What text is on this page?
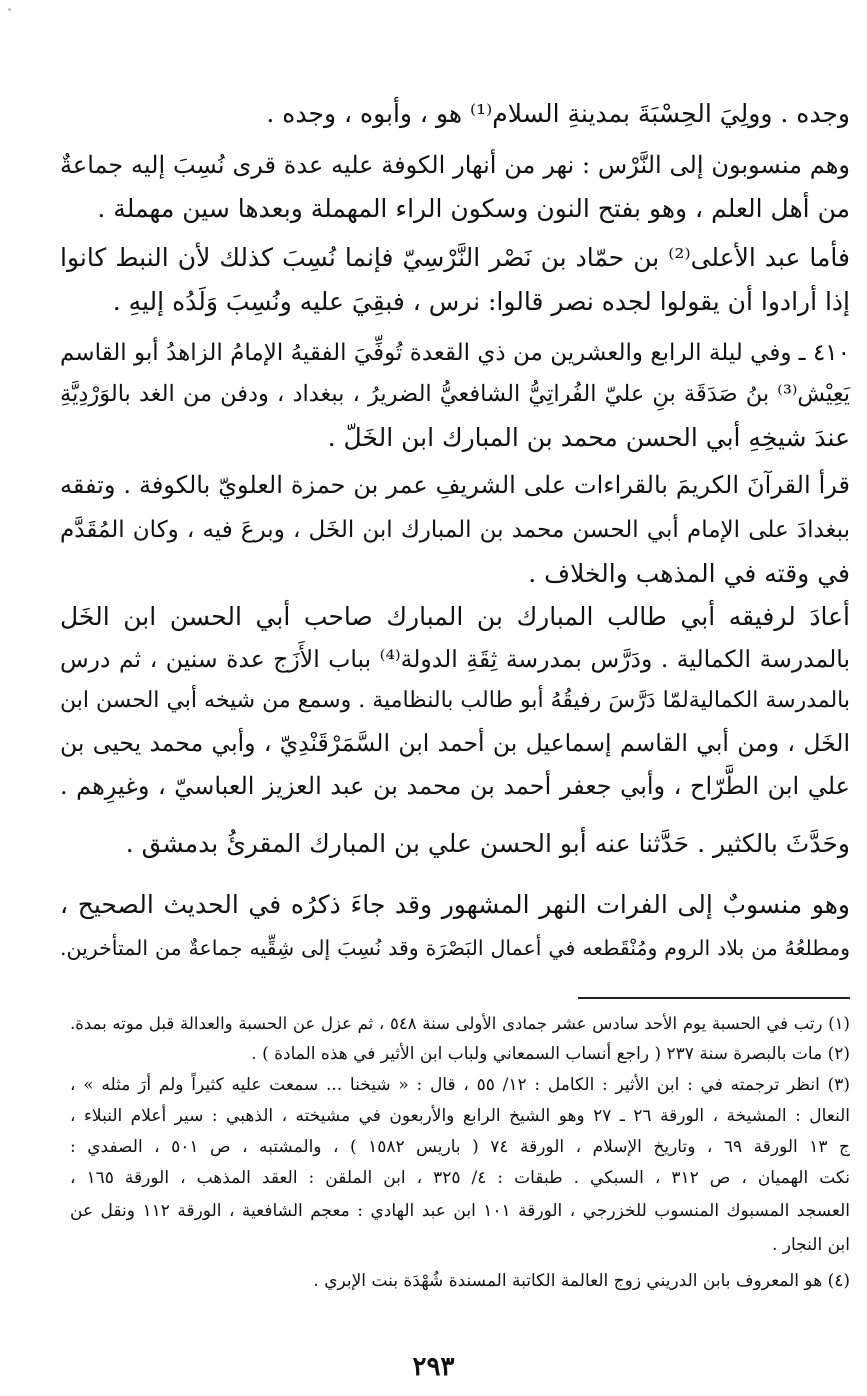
وجده . وولِيَ الحِسْبَةَ بمدينةِ السلام⁽¹⁾ هو ، وأبوه ، وجده .
وهم منسوبون إلى النَّرْس : نهر من أنهار الكوفة عليه عدة قرى نُسِبَ إليه جماعةٌ
من أهل العلم ، وهو بفتح النون وسكون الراء المهملة وبعدها سين مهملة .
فأما عبد الأعلى⁽²⁾ بن حمّاد بن نَصْر النَّرْسِيّ فإنما نُسِبَ كذلك لأن النبط كانوا
إذا أرادوا أن يقولوا لجده نصر قالوا: نرس ، فبقِيَ عليه ونُسِبَ وَلَدُه إليهِ .
٤١٠ ـ وفي ليلة الرابع والعشرين من ذي القعدة تُوفِّيَ الفقيهُ الإمامُ الزاهدُ أبو القاسم
يَعِيْش⁽³⁾ بنُ صَدَقَة بنِ عليّ الفُراتِيُّ الشافعيُّ الضريرُ ، ببغداد ، ودفن من الغد بالوَرْدِيَّةِ
عندَ شيخِهِ أبي الحسن محمد بن المبارك ابن الخَلّ .
قرأ القرآنَ الكريمَ بالقراءات على الشريفِ عمر بن حمزة العلويّ بالكوفة . وتفقه
ببغدادَ على الإمام أبي الحسن محمد بن المبارك ابن الخَل ، وبرعَ فيه ، وكان المُقَدَّم
في وقته في المذهب والخلاف .
أعادَ لرفيقه أبي طالب المبارك بن المبارك صاحب أبي الحسن ابن الخَل
بالمدرسة الكمالية . ودَرَّس بمدرسة ثِقَةِ الدولة⁽⁴⁾ بباب الأَزَج عدة سنين ، ثم درس
بالمدرسة الكماليةلمّا دَرَّسَ رفيقُهُ أبو طالب بالنظامية . وسمع من شيخه أبي الحسن ابن
الخَل ، ومن أبي القاسم إسماعيل بن أحمد ابن السَّمَرْقَنْدِيّ ، وأبي محمد يحيى بن
علي ابن الطَّرّاح ، وأبي جعفر أحمد بن محمد بن عبد العزيز العباسيّ ، وغيرِهم .
وحَدَّثَ بالكثير . حَدَّثنا عنه أبو الحسن علي بن المبارك المقرئُ بدمشق .
وهو منسوبٌ إلى الفرات النهر المشهور وقد جاءَ ذكرُه في الحديث الصحيح ،
ومطلعُهُ من بلاد الروم ومُنْقَطعه في أعمال البَصْرَة وقد نُسِبَ إلى شِقِّيه جماعةٌ من المتأخرين.
(١) رتب في الحسبة يوم الأحد سادس عشر جمادى الأولى سنة ٥٤٨ ، ثم عزل عن الحسبة والعدالة قبل موته بمدة.
(٢) مات بالبصرة سنة ٢٣٧ ( راجع أنساب السمعاني ولباب ابن الأثير في هذه المادة ) .
(٣) انظر ترجمته في : ابن الأثير : الكامل : ١٢/ ٥٥ ، قال : « شيخنا ... سمعت عليه كثيراً ولم أرَ مثله » ،
النعال : المشيخة ، الورقة ٢٦ ـ ٢٧ وهو الشيخ الرابع والأربعون في مشيخته ، الذهبي : سير أعلام النبلاء ،
ج ١٣ الورقة ٦٩ ، وتاريخ الإسلام ، الورقة ٧٤ ( باريس ١٥٨٢ ) ، والمشتبه ، ص ٥٠١ ، الصفدي :
نكت الهميان ، ص ٣١٢ ، السبكي . طبقات : ٤/ ٣٢٥ ، ابن الملقن : العقد المذهب ، الورقة ١٦٥ ،
العسجد المسبوك المنسوب للخزرجي ، الورقة ١٠١ ابن عبد الهادي : معجم الشافعية ، الورقة ١١٢ ونقل عن
ابن النجار .
(٤) هو المعروف بابن الدريني زوج العالمة الكاتبة المسندة شُهْدَة بنت الإبري .
٢٩٣
